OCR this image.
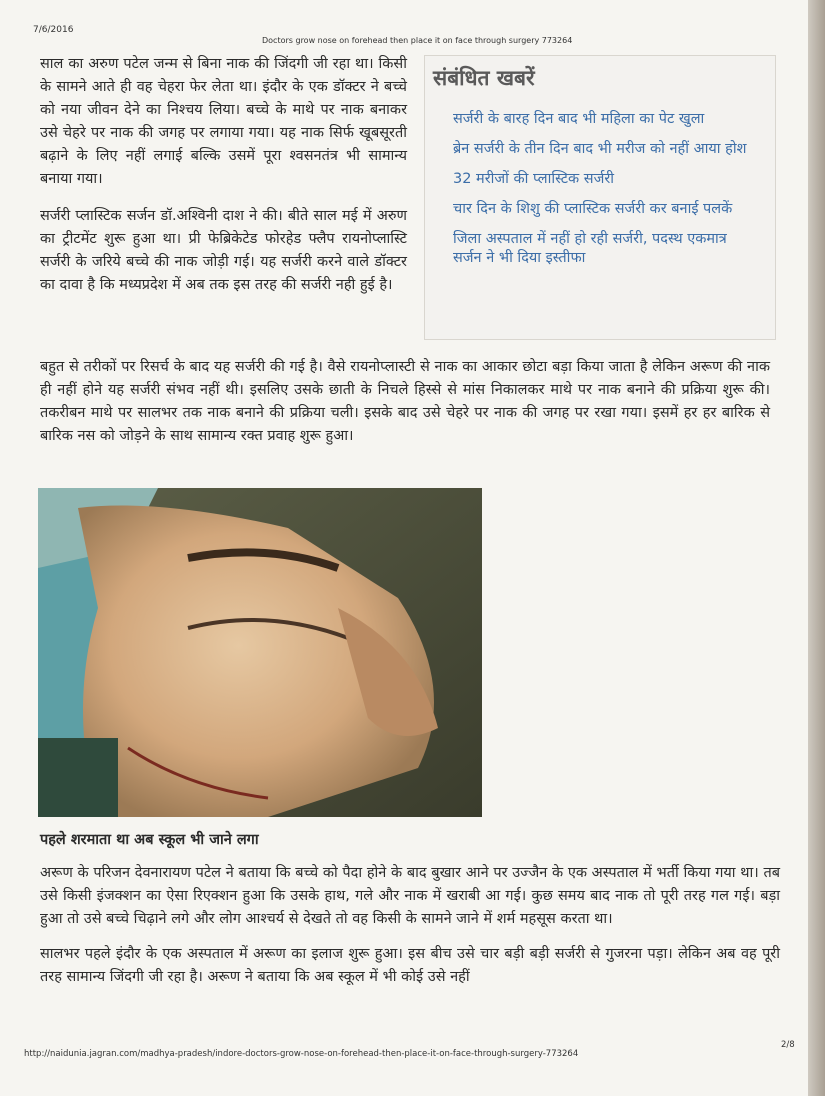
7/6/2016
Doctors grow nose on forehead then place it on face through surgery 773264

साल का अरुण पटेल जन्म से बिना नाक की जिंदगी जी रहा था। किसी के सामने आते ही वह चेहरा फेर लेता था। इंदौर के एक डॉक्टर ने बच्चे को नया जीवन देने का निश्चय लिया। बच्चे के माथे पर नाक बनाकर उसे चेहरे पर नाक की जगह पर लगाया गया। यह नाक सिर्फ खूबसूरती बढ़ाने के लिए नहीं लगाई बल्कि उसमें पूरा श्वसनतंत्र भी सामान्य बनाया गया।

सर्जरी प्लास्टिक सर्जन डॉ.अश्विनी दाश ने की। बीते साल मई में अरुण का ट्रीटमेंट शुरू हुआ था। प्री फेब्रिकेटेड फोरहेड फ्लैप रायनोप्लास्टि सर्जरी के जरिये बच्चे की नाक जोड़ी गई। यह सर्जरी करने वाले डॉक्टर का दावा है कि मध्यप्रदेश में अब तक इस तरह की सर्जरी नही हुई है।

संबंधित खबरें
सर्जरी के बारह दिन बाद भी महिला का पेट खुला
ब्रेन सर्जरी के तीन दिन बाद भी मरीज को नहीं आया होश
32 मरीजों की प्लास्टिक सर्जरी
चार दिन के शिशु की प्लास्टिक सर्जरी कर बनाई पलकें
जिला अस्पताल में नहीं हो रही सर्जरी, पदस्थ एकमात्र सर्जन ने भी दिया इस्तीफा

बहुत से तरीकों पर रिसर्च के बाद यह सर्जरी की गई है। वैसे रायनोप्लास्टी से नाक का आकार छोटा बड़ा किया जाता है लेकिन अरूण की नाक ही नहीं होने यह सर्जरी संभव नहीं थी। इसलिए उसके छाती के निचले हिस्से से मांस निकालकर माथे पर नाक बनाने की प्रक्रिया शुरू की। तकरीबन माथे पर सालभर तक नाक बनाने की प्रक्रिया चली। इसके बाद उसे चेहरे पर नाक की जगह पर रखा गया। इसमें हर हर बारिक से बारिक नस को जोड़ने के साथ सामान्य रक्त प्रवाह शुरू हुआ।

पहले शरमाता था अब स्कूल भी जाने लगा

अरूण के परिजन देवनारायण पटेल ने बताया कि बच्चे को पैदा होने के बाद बुखार आने पर उज्जैन के एक अस्पताल में भर्ती किया गया था। तब उसे किसी इंजक्शन का ऐसा रिएक्शन हुआ कि उसके हाथ, गले और नाक में खराबी आ गई। कुछ समय बाद नाक तो पूरी तरह गल गई। बड़ा हुआ तो उसे बच्चे चिढ़ाने लगे और लोग आश्चर्य से देखते तो वह किसी के सामने जाने में शर्म महसूस करता था।

सालभर पहले इंदौर के एक अस्पताल में अरूण का इलाज शुरू हुआ। इस बीच उसे चार बड़ी बड़ी सर्जरी से गुजरना पड़ा। लेकिन अब वह पूरी तरह सामान्य जिंदगी जी रहा है। अरूण ने बताया कि अब स्कूल में भी कोई उसे नहीं

http://naidunia.jagran.com/madhya-pradesh/indore-doctors-grow-nose-on-forehead-then-place-it-on-face-through-surgery-773264
2/8
